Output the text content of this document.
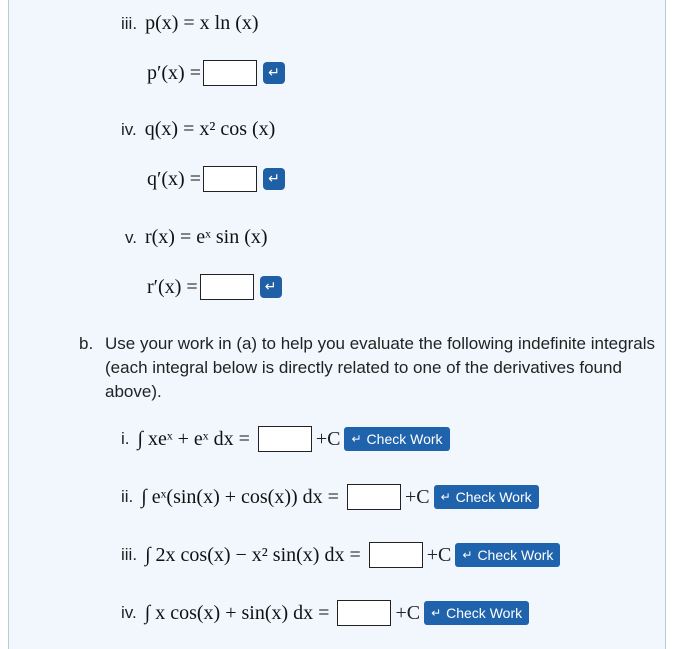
iii. p(x) = x ln (x)
p′(x) =	↵
iv. q(x) = x² cos (x)
q′(x) =	↵
v. r(x) = eˣ sin (x)
r′(x) =	↵
b. Use your work in (a) to help you evaluate the following indefinite integrals (each integral below is directly related to one of the derivatives found above).
i. ∫ xeˣ + eˣ dx =	+C ↵ Check Work
ii. ∫ eˣ(sin(x) + cos(x)) dx =	+C ↵ Check Work
iii. ∫ 2x cos(x) − x² sin(x) dx =	+C ↵ Check Work
iv. ∫ x cos(x) + sin(x) dx =	+C ↵ Check Work
